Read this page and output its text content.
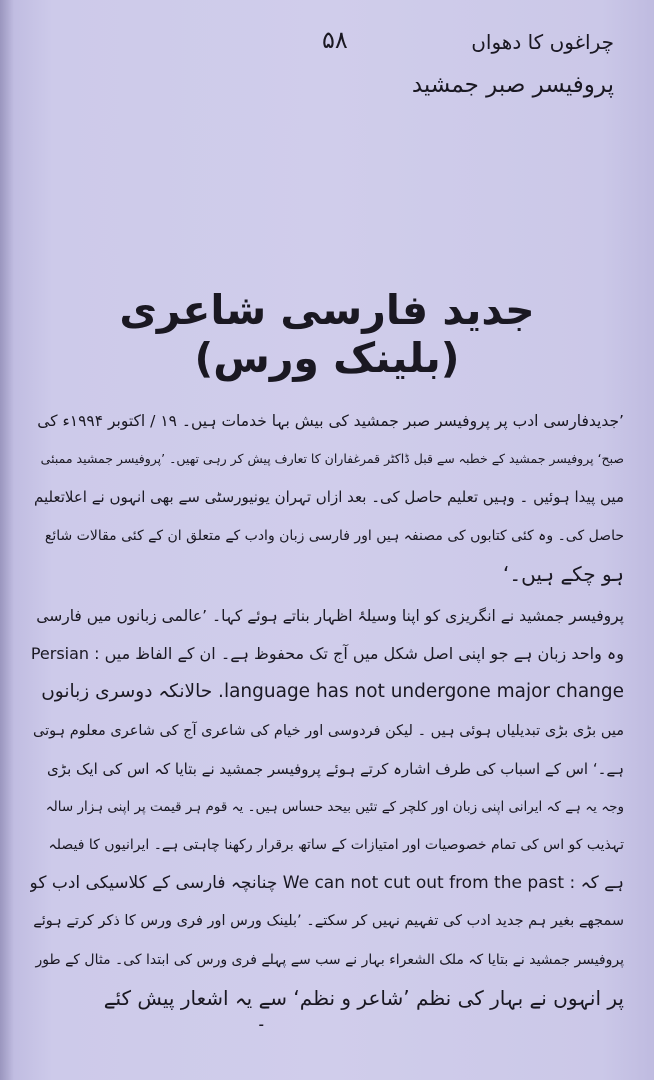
۵۸	چراغوں کا دھواں
پروفیسر صبر جمشید
جدید فارسی شاعری (بلینک ورس)
’جدیدفارسی ادب پر پروفیسر صبر جمشید کی بیش بہا خدمات ہیں۔ ۱۹ / اکتوبر ۱۹۹۴ء کی
صبح‘ پروفیسر جمشید کے خطبہ سے قبل ڈاکٹر قمرغفاران کا تعارف پیش کر رہی تھیں۔ ’پروفیسر جمشید ممبئی
میں پیدا ہوئیں ۔ وہیں تعلیم حاصل کی۔ بعد ازاں تہران یونیورسٹی سے بھی انہوں نے اعلاتعلیم
حاصل کی۔ وہ کئی کتابوں کی مصنفہ ہیں اور فارسی زبان وادب کے متعلق ان کے کئی مقالات شائع
ہو چکے ہیں۔‘
پروفیسر جمشید نے انگریزی کو اپنا وسیلۂ اظہار بناتے ہوئے کہا۔ ’عالمی زبانوں میں فارسی
وہ واحد زبان ہے جو اپنی اصل شکل میں آج تک محفوظ ہے۔ ان کے الفاظ میں : Persian
language has not undergone major change. حالانکہ دوسری زبانوں
میں بڑی بڑی تبدیلیاں ہوئی ہیں ۔ لیکن فردوسی اور خیام کی شاعری آج کی شاعری معلوم ہوتی
ہے۔‘ اس کے اسباب کی طرف اشارہ کرتے ہوئے پروفیسر جمشید نے بتایا کہ اس کی ایک بڑی
وجہ یہ ہے کہ ایرانی اپنی زبان اور کلچر کے تئیں بیحد حساس ہیں۔ یہ قوم ہر قیمت پر اپنی ہزار سالہ
تہذیب کو اس کی تمام خصوصیات اور امتیازات کے ساتھ برقرار رکھنا چاہتی ہے۔ ایرانیوں کا فیصلہ
ہے کہ : We can not cut out from the past چنانچہ فارسی کے کلاسیکی ادب کو
سمجھے بغیر ہم جدید ادب کی تفہیم نہیں کر سکتے۔ ’بلینک ورس اور فری ورس کا ذکر کرتے ہوئے
پروفیسر جمشید نے بتایا کہ ملک الشعراء بہار نے سب سے پہلے فری ورس کی ابتدا کی۔ مثال کے طور
پر انہوں نے بہار کی نظم ’شاعر و نظم‘ سے یہ اشعار پیش کئے
۔
